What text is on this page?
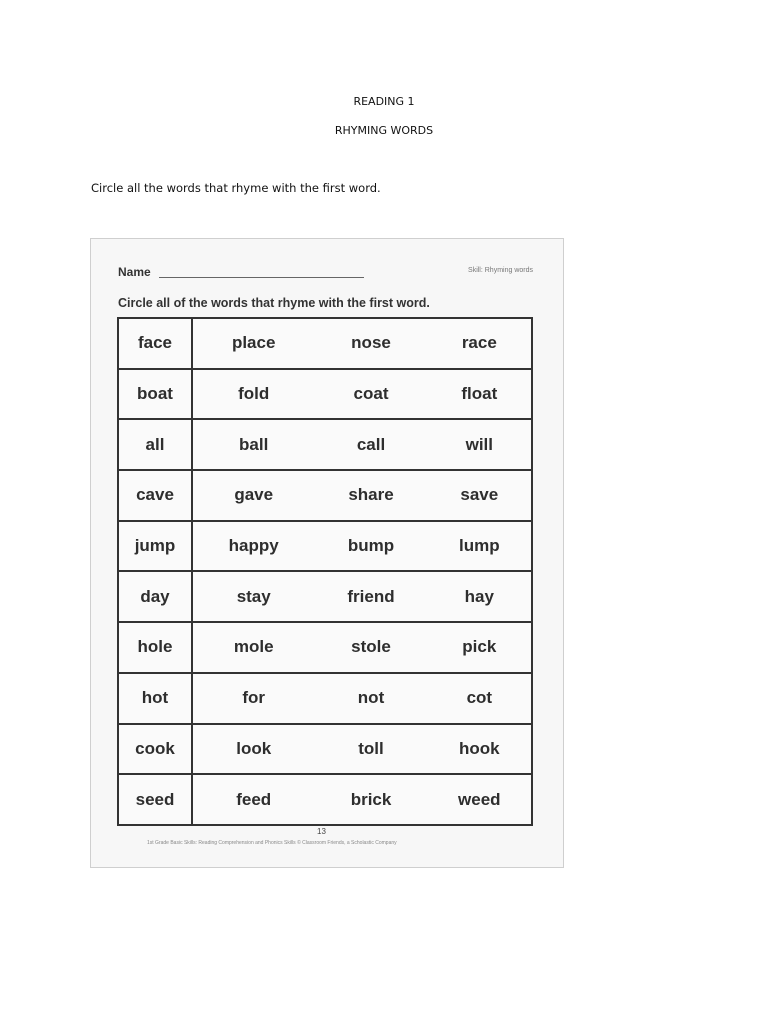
READING 1
RHYMING WORDS
Circle all the words that rhyme with the first word.
Name	Skill: Rhyming words
Circle all of the words that rhyme with the first word.
face	place	nose	race
boat	fold	coat	float
all	ball	call	will
cave	gave	share	save
jump	happy	bump	lump
day	stay	friend	hay
hole	mole	stole	pick
hot	for	not	cot
cook	look	toll	hook
seed	feed	brick	weed
13
1st Grade Basic Skills: Reading Comprehension and Phonics Skills © Classroom Friends, a Scholastic Company
